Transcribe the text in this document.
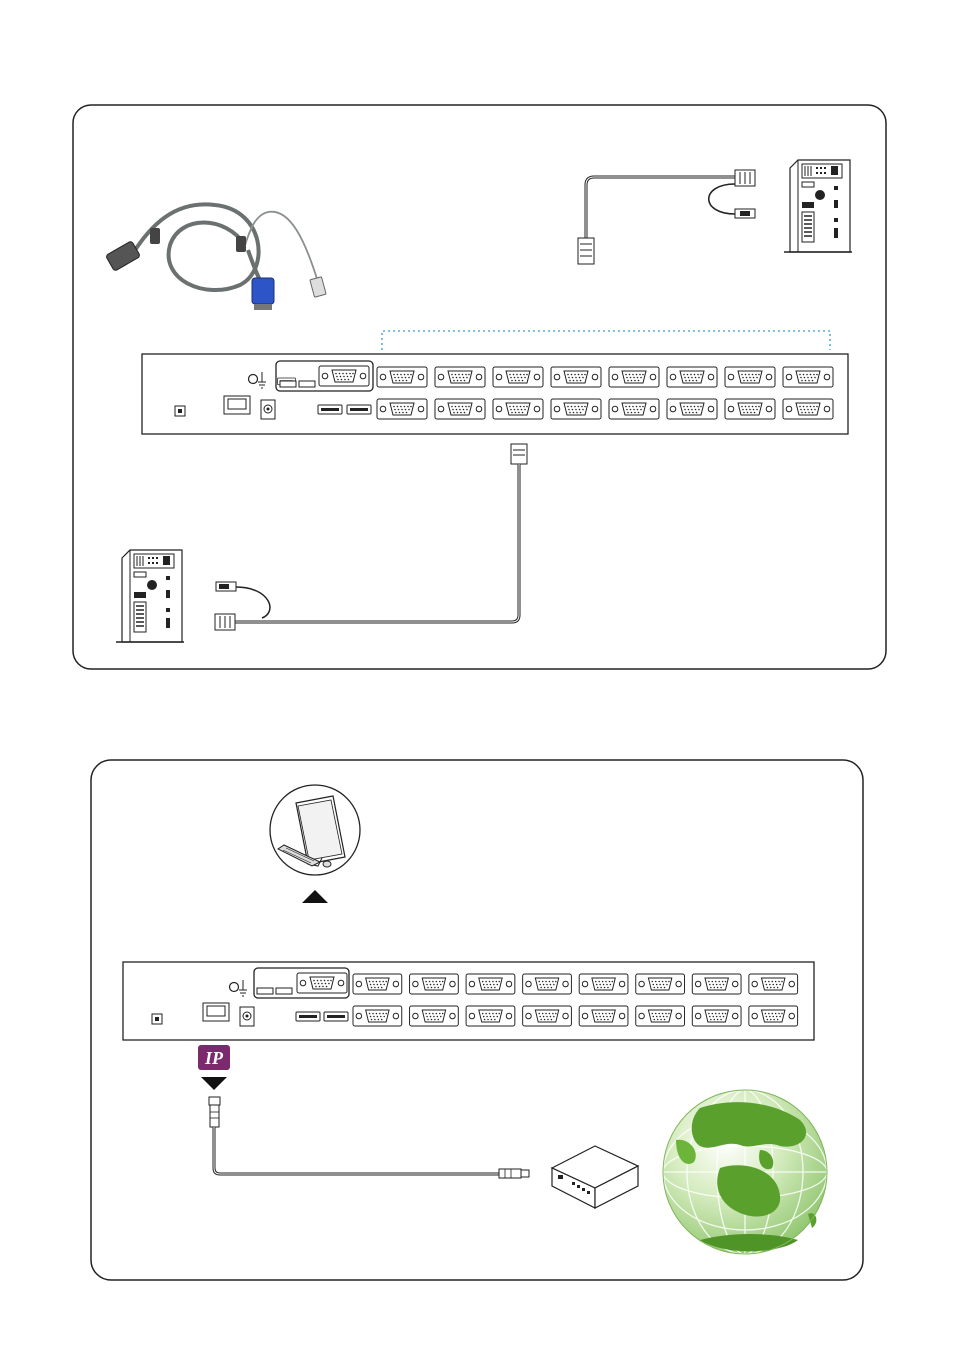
IP
